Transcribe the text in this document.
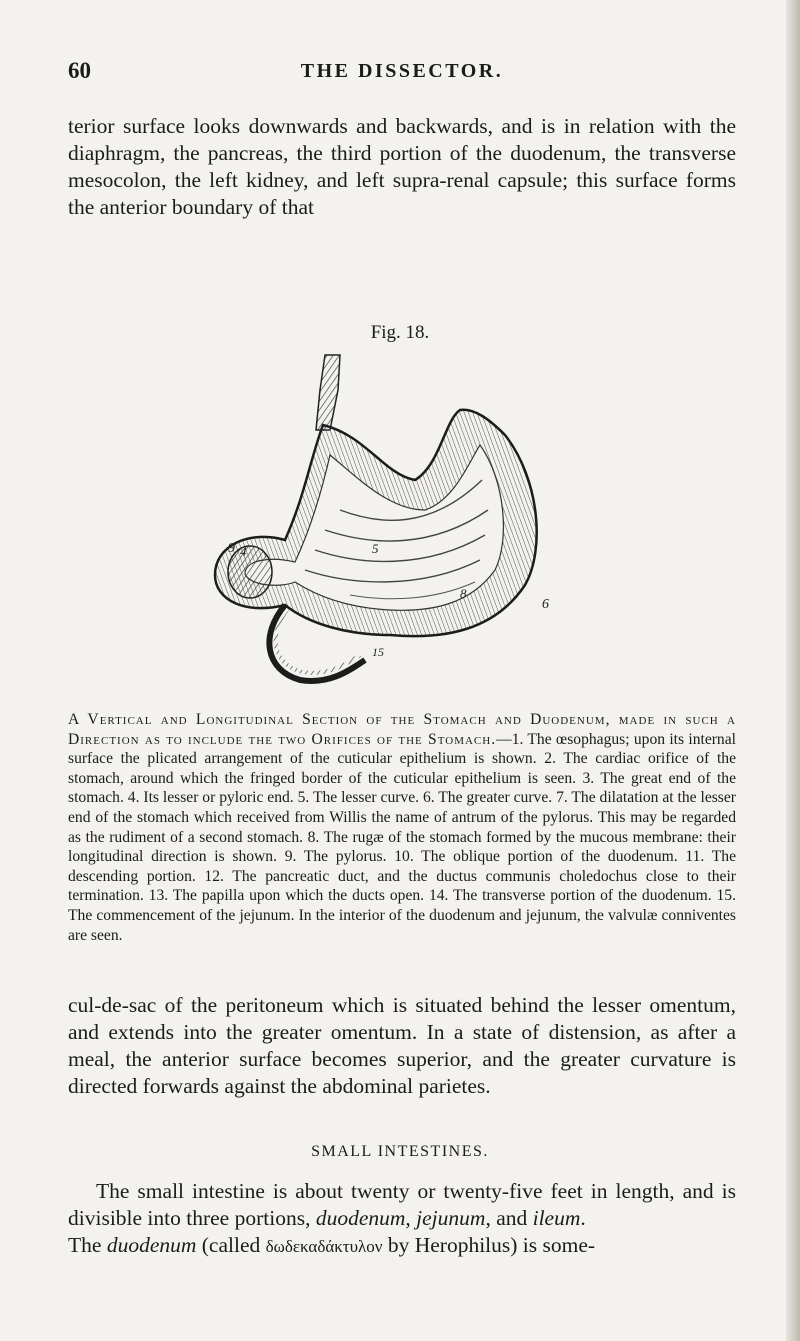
60	THE DISSECTOR.

terior surface looks downwards and backwards, and is in relation with the diaphragm, the pancreas, the third portion of the duodenum, the transverse mesocolon, the left kidney, and left supra-renal capsule; this surface forms the anterior boundary of that

Fig. 18.
9 4	5
8
6
15

A Vertical and Longitudinal Section of the Stomach and Duodenum, made in such a Direction as to include the two Orifices of the Stomach.—1. The œsophagus; upon its internal surface the plicated arrangement of the cuticular epithelium is shown. 2. The cardiac orifice of the stomach, around which the fringed border of the cuticular epithelium is seen. 3. The great end of the stomach. 4. Its lesser or pyloric end. 5. The lesser curve. 6. The greater curve. 7. The dilatation at the lesser end of the stomach which received from Willis the name of antrum of the pylorus. This may be regarded as the rudiment of a second stomach. 8. The rugæ of the stomach formed by the mucous membrane: their longitudinal direction is shown. 9. The pylorus. 10. The oblique portion of the duodenum. 11. The descending portion. 12. The pancreatic duct, and the ductus communis choledochus close to their termination. 13. The papilla upon which the ducts open. 14. The transverse portion of the duodenum. 15. The commencement of the jejunum. In the interior of the duodenum and jejunum, the valvulæ conniventes are seen.

cul-de-sac of the peritoneum which is situated behind the lesser omentum, and extends into the greater omentum. In a state of distension, as after a meal, the anterior surface becomes superior, and the greater curvature is directed forwards against the abdominal parietes.

SMALL INTESTINES.

The small intestine is about twenty or twenty-five feet in length, and is divisible into three portions, duodenum, jejunum, and ileum.
The duodenum (called δωδεκαδάκτυλον by Herophilus) is some-
